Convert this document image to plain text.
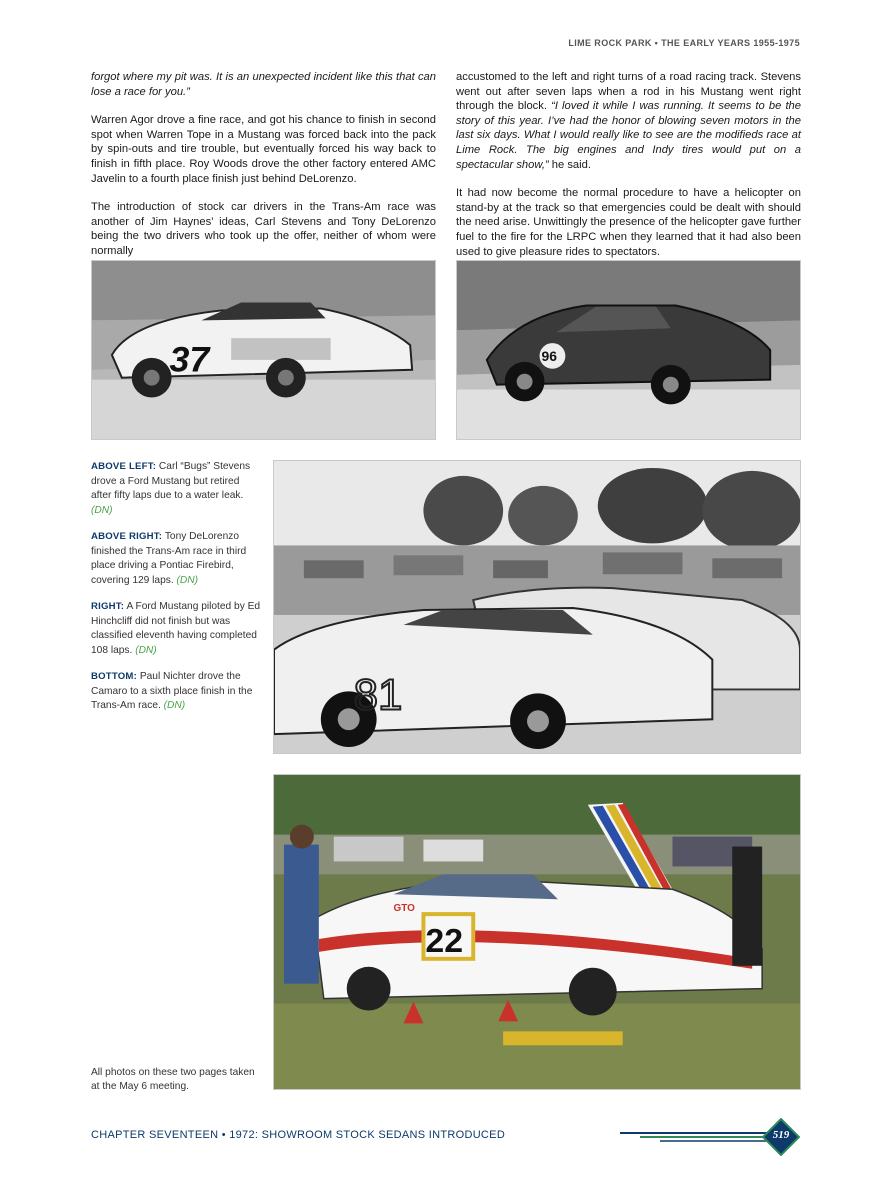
LIME ROCK PARK • THE EARLY YEARS 1955-1975

forgot where my pit was. It is an unexpected incident like this that can lose a race for you.”

Warren Agor drove a fine race, and got his chance to finish in second spot when Warren Tope in a Mustang was forced back into the pack by spin-outs and tire trouble, but eventually forced his way back to finish in fifth place. Roy Woods drove the other factory entered AMC Javelin to a fourth place finish just behind DeLorenzo.

The introduction of stock car drivers in the Trans-Am race was another of Jim Haynes’ ideas, Carl Stevens and Tony DeLorenzo being the two drivers who took up the offer, neither of whom were normally

accustomed to the left and right turns of a road racing track. Stevens went out after seven laps when a rod in his Mustang went right through the block. “I loved it while I was running. It seems to be the story of this year. I’ve had the honor of blowing seven motors in the last six days. What I would really like to see are the modifieds race at Lime Rock. The big engines and Indy tires would put on a spectacular show,” he said.

It had now become the normal procedure to have a helicopter on stand-by at the track so that emergencies could be dealt with should the need arise. Unwittingly the presence of the helicopter gave further fuel to the fire for the LRPC when they learned that it had also been used to give pleasure rides to spectators.

37	96
81
22
GTO

ABOVE LEFT: Carl “Bugs” Stevens drove a Ford Mustang but retired after fifty laps due to a water leak. (DN)

ABOVE RIGHT: Tony DeLorenzo finished the Trans-Am race in third place driving a Pontiac Firebird, covering 129 laps. (DN)

RIGHT: A Ford Mustang piloted by Ed Hinchcliff did not finish but was classified eleventh having completed 108 laps. (DN)

BOTTOM: Paul Nichter drove the Camaro to a sixth place finish in the Trans-Am race. (DN)

All photos on these two pages taken at the May 6 meeting.
CHAPTER SEVENTEEN • 1972: SHOWROOM STOCK SEDANS INTRODUCED	519
